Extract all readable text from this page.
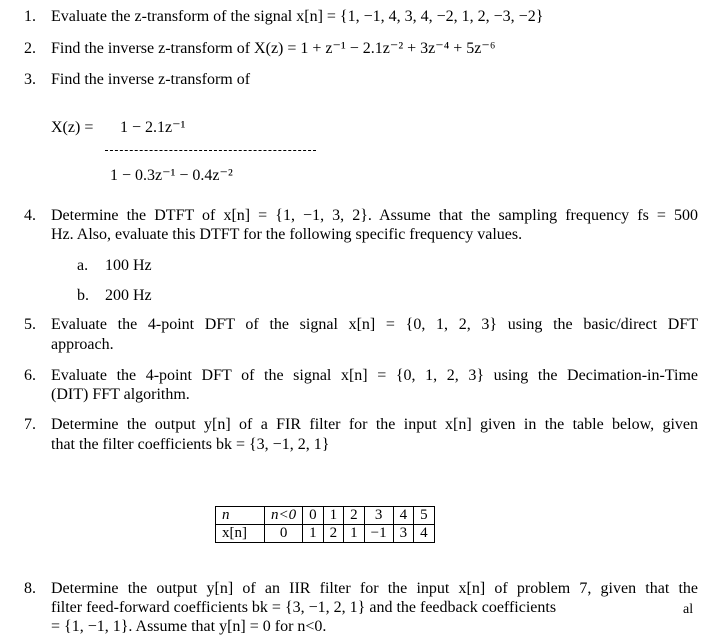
1. Evaluate the z-transform of the signal x[n] = {1, −1, 4, 3, 4, −2, 1, 2, −3, −2}
2. Find the inverse z-transform of X(z) = 1 + z⁻¹ − 2.1z⁻² + 3z⁻⁴ + 5z⁻⁶
3. Find the inverse z-transform of
X(z) = 1 − 2.1z⁻¹
1 − 0.3z⁻¹ − 0.4z⁻²
4. Determine the DTFT of x[n] = {1, −1, 3, 2}. Assume that the sampling frequency fs = 500
Hz. Also, evaluate this DTFT for the following specific frequency values.
a. 100 Hz
b. 200 Hz
5. Evaluate the 4-point DFT of the signal x[n] = {0, 1, 2, 3} using the basic/direct DFT
approach.
6. Evaluate the 4-point DFT of the signal x[n] = {0, 1, 2, 3} using the Decimation-in-Time
(DIT) FFT algorithm.
7. Determine the output y[n] of a FIR filter for the input x[n] given in the table below, given
that the filter coefficients bk = {3, −1, 2, 1}
n	n<0	0	1	2	3	4	5
x[n]	0	1	2	1	−1	3	4
8. Determine the output y[n] of an IIR filter for the input x[n] of problem 7, given that the
filter feed-forward coefficients bk = {3, −1, 2, 1} and the feedback coefficients	al
= {1, −1, 1}. Assume that y[n] = 0 for n<0.
